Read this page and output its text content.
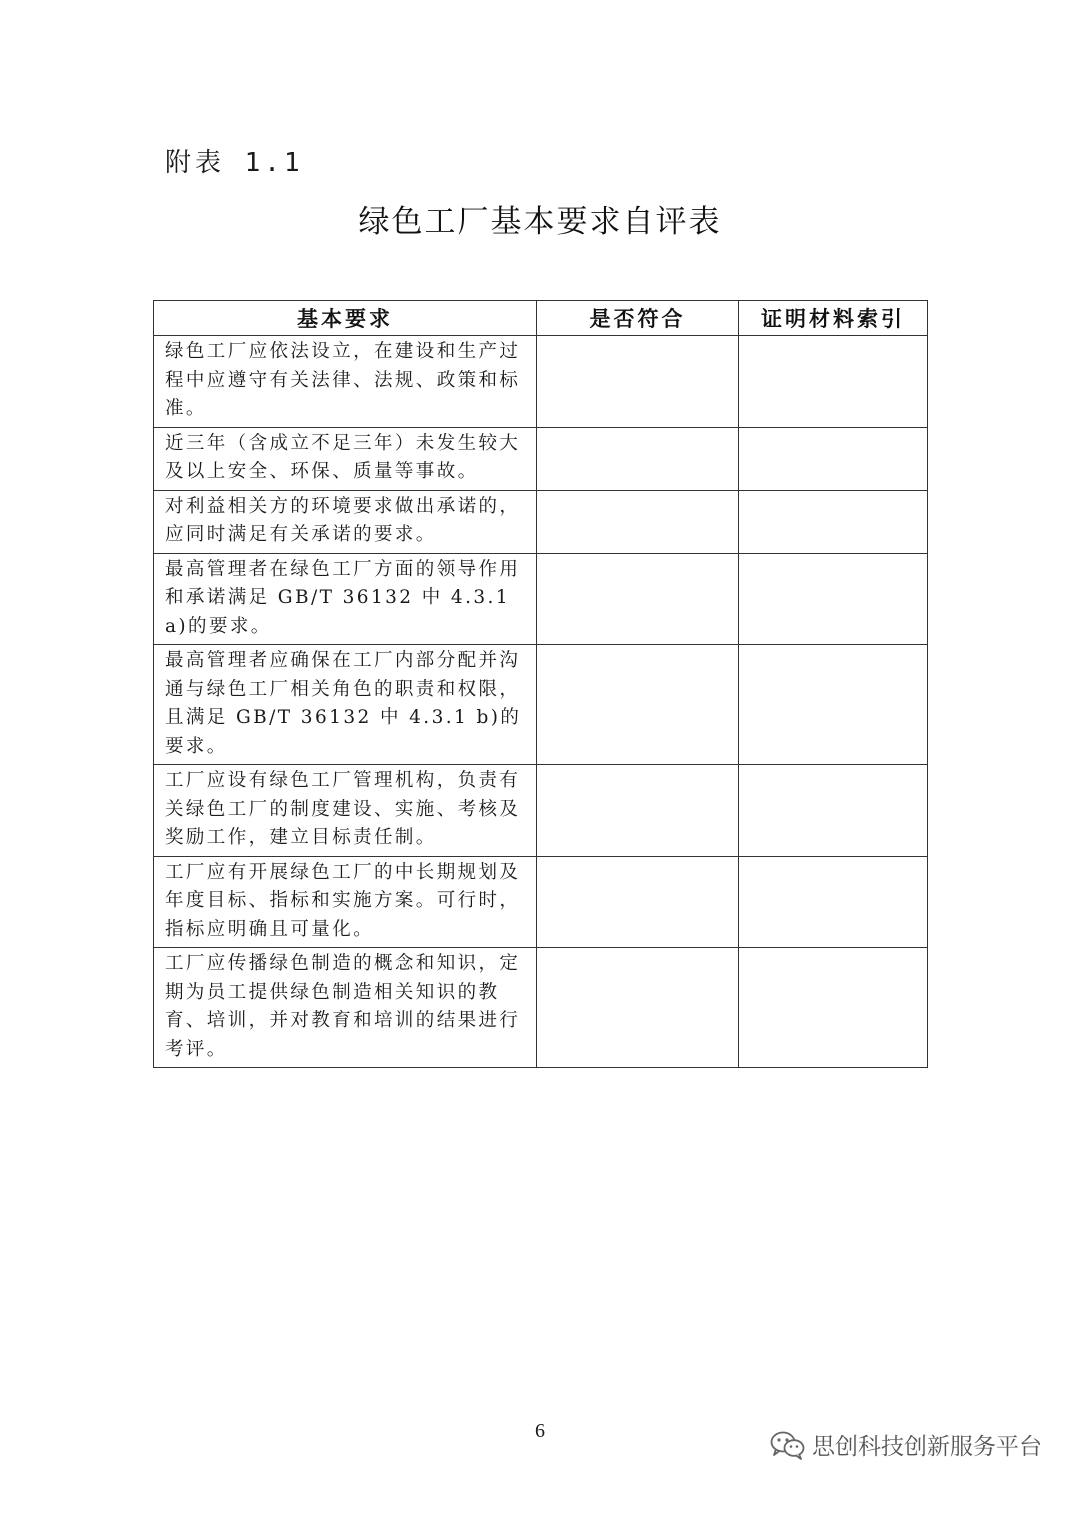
附表 1.1
绿色工厂基本要求自评表
基本要求	是否符合	证明材料索引
绿色工厂应依法设立，在建设和生产过程中应遵守有关法律、法规、政策和标准。		
近三年（含成立不足三年）未发生较大及以上安全、环保、质量等事故。		
对利益相关方的环境要求做出承诺的，应同时满足有关承诺的要求。		
最高管理者在绿色工厂方面的领导作用和承诺满足 GB/T 36132 中 4.3.1 a)的要求。		
最高管理者应确保在工厂内部分配并沟通与绿色工厂相关角色的职责和权限，且满足 GB/T 36132 中 4.3.1 b)的要求。		
工厂应设有绿色工厂管理机构，负责有关绿色工厂的制度建设、实施、考核及奖励工作，建立目标责任制。		
工厂应有开展绿色工厂的中长期规划及年度目标、指标和实施方案。可行时，指标应明确且可量化。		
工厂应传播绿色制造的概念和知识，定期为员工提供绿色制造相关知识的教育、培训，并对教育和培训的结果进行考评。		
6
思创科技创新服务平台
